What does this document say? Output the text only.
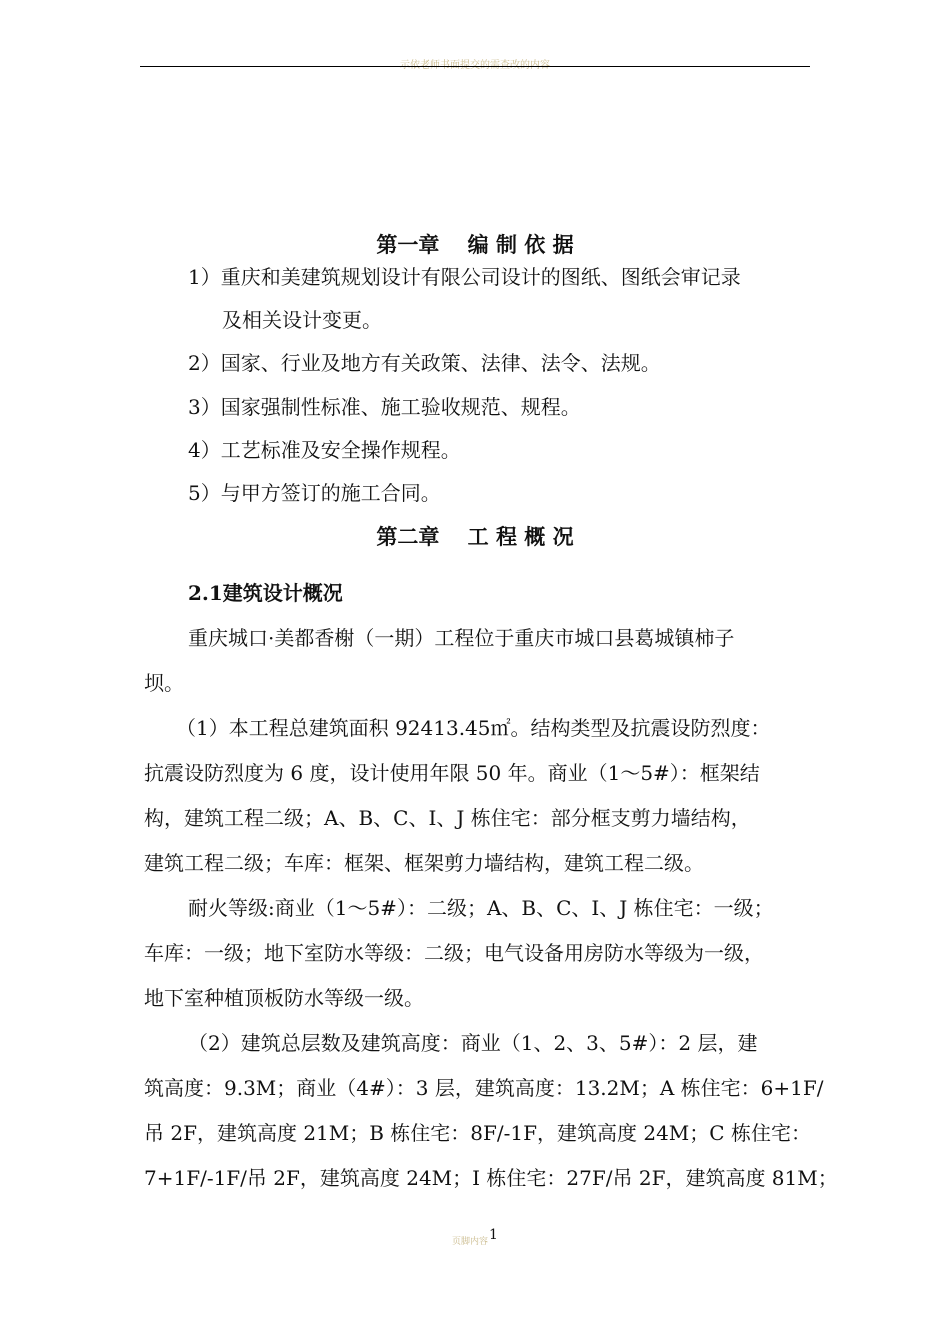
示依老师书面提交的需查改的内容
第一章　 编 制 依 据
1）重庆和美建筑规划设计有限公司设计的图纸、图纸会审记录
及相关设计变更。
2）国家、行业及地方有关政策、法律、法令、法规。
3）国家强制性标准、施工验收规范、规程。
4）工艺标准及安全操作规程。
5）与甲方签订的施工合同。
第二章　 工 程 概 况
2.1建筑设计概况
重庆城口·美都香榭（一期）工程位于重庆市城口县葛城镇柿子
坝。
（1）本工程总建筑面积 92413.45㎡。结构类型及抗震设防烈度：
抗震设防烈度为 6 度，设计使用年限 50 年。商业（1～5#）：框架结
构，建筑工程二级；A、B、C、I、J 栋住宅：部分框支剪力墙结构，
建筑工程二级；车库：框架、框架剪力墙结构，建筑工程二级。
耐火等级:商业（1～5#）：二级；A、B、C、I、J 栋住宅：一级；
车库：一级；地下室防水等级：二级；电气设备用房防水等级为一级，
地下室种植顶板防水等级一级。
（2）建筑总层数及建筑高度：商业（1、2、3、5#）：2 层，建
筑高度：9.3M；商业（4#）：3 层，建筑高度：13.2M；A 栋住宅：6+1F/
吊 2F，建筑高度 21M；B 栋住宅：8F/-1F，建筑高度 24M；C 栋住宅：
7+1F/-1F/吊 2F，建筑高度 24M；I 栋住宅：27F/吊 2F，建筑高度 81M；
页脚内容1
